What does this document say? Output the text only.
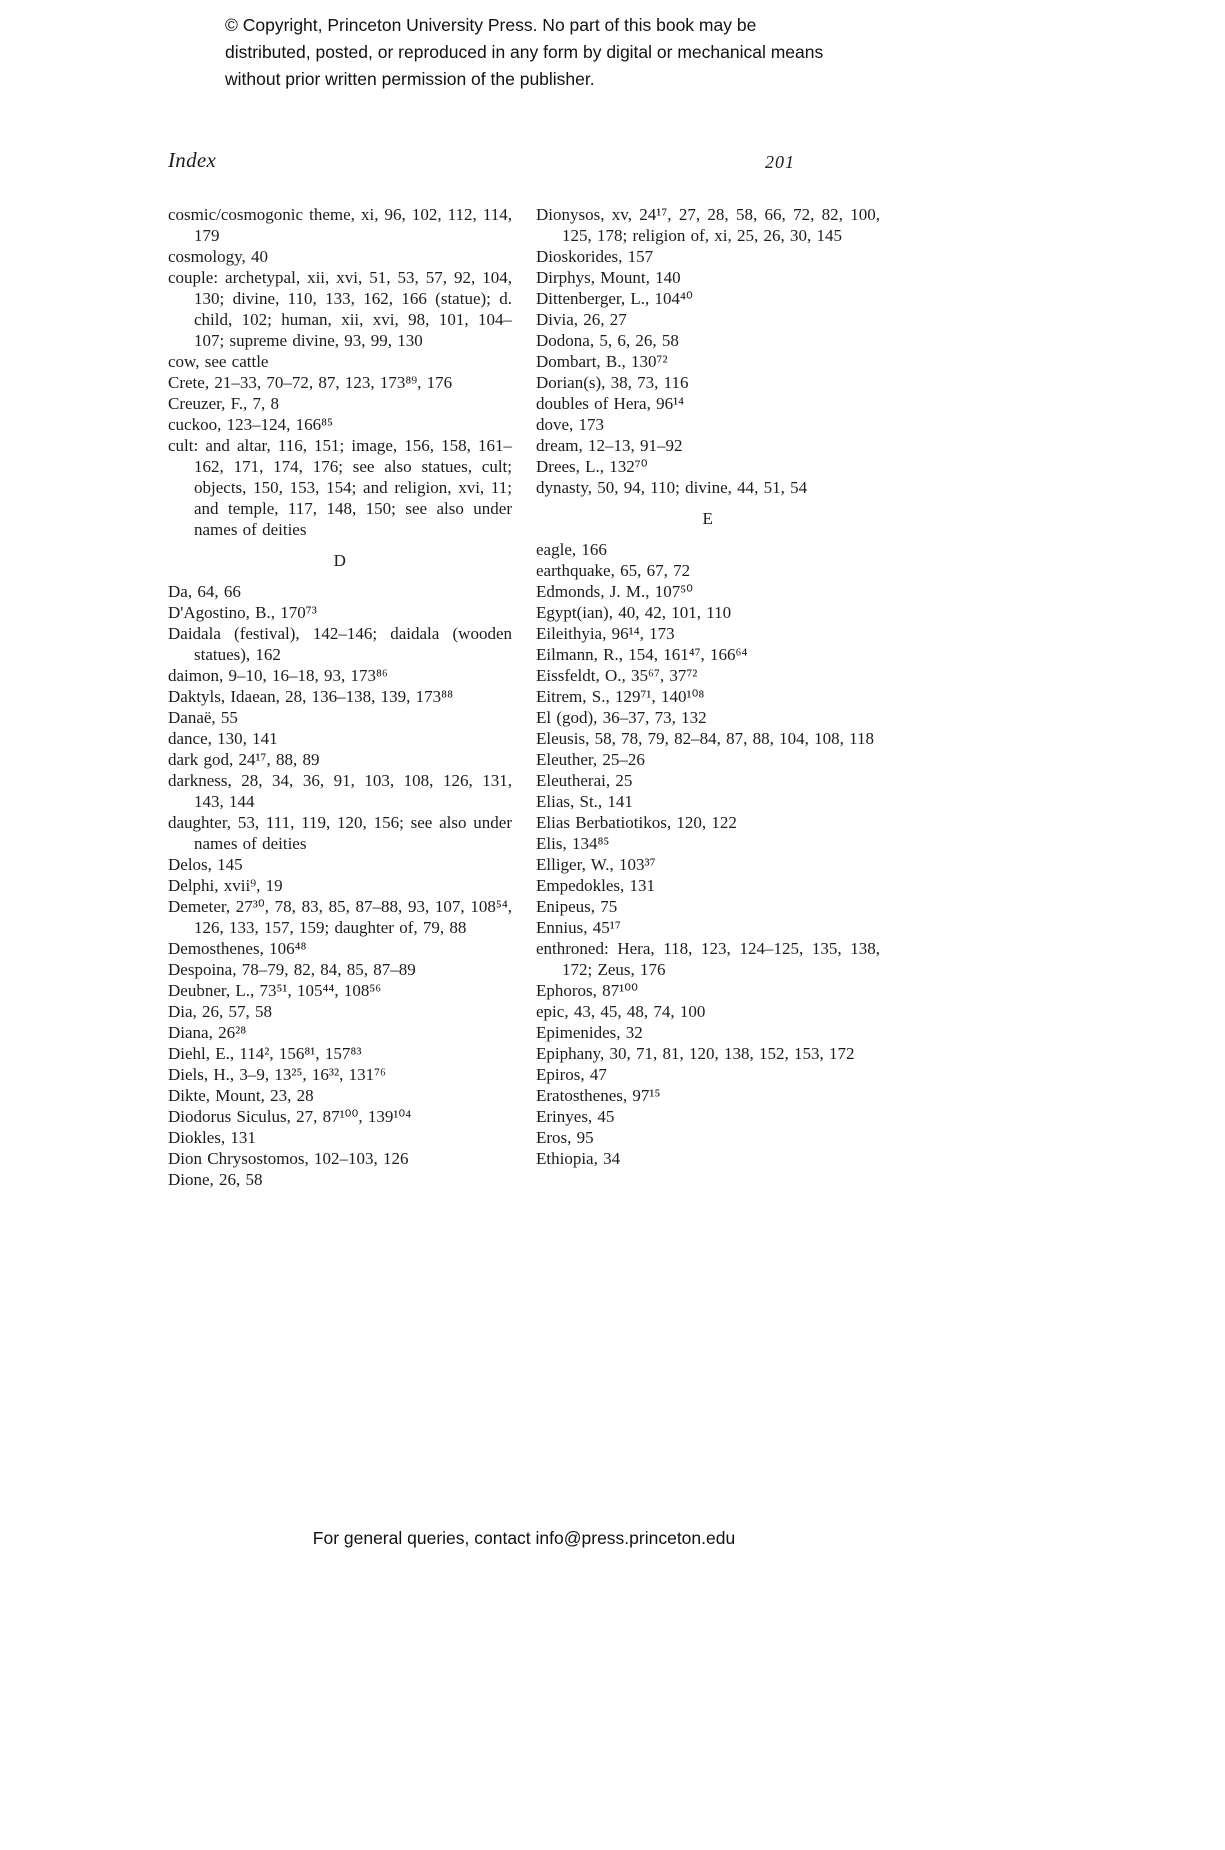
© Copyright, Princeton University Press. No part of this book may be distributed, posted, or reproduced in any form by digital or mechanical means without prior written permission of the publisher.
Index	201

cosmic/cosmogonic theme, xi, 96, 102, 112, 114, 179

cosmology, 40

couple: archetypal, xii, xvi, 51, 53, 57, 92, 104, 130; divine, 110, 133, 162, 166 (statue); d. child, 102; human, xii, xvi, 98, 101, 104–107; supreme divine, 93, 99, 130

cow, see cattle

Crete, 21–33, 70–72, 87, 123, 173⁸⁹, 176

Creuzer, F., 7, 8

cuckoo, 123–124, 166⁸⁵

cult: and altar, 116, 151; image, 156, 158, 161–162, 171, 174, 176; see also statues, cult; objects, 150, 153, 154; and religion, xvi, 11; and temple, 117, 148, 150; see also under names of deities

D

Da, 64, 66

D'Agostino, B., 170⁷³

Daidala (festival), 142–146; daidala (wooden statues), 162

daimon, 9–10, 16–18, 93, 173⁸⁶

Daktyls, Idaean, 28, 136–138, 139, 173⁸⁸

Danaë, 55

dance, 130, 141

dark god, 24¹⁷, 88, 89

darkness, 28, 34, 36, 91, 103, 108, 126, 131, 143, 144

daughter, 53, 111, 119, 120, 156; see also under names of deities

Delos, 145

Delphi, xvii⁹, 19

Demeter, 27³⁰, 78, 83, 85, 87–88, 93, 107, 108⁵⁴, 126, 133, 157, 159; daughter of, 79, 88

Demosthenes, 106⁴⁸

Despoina, 78–79, 82, 84, 85, 87–89

Deubner, L., 73⁵¹, 105⁴⁴, 108⁵⁶

Dia, 26, 57, 58

Diana, 26²⁸

Diehl, E., 114², 156⁸¹, 157⁸³

Diels, H., 3–9, 13²⁵, 16³², 131⁷⁶

Dikte, Mount, 23, 28

Diodorus Siculus, 27, 87¹⁰⁰, 139¹⁰⁴

Diokles, 131

Dion Chrysostomos, 102–103, 126

Dione, 26, 58

Dionysos, xv, 24¹⁷, 27, 28, 58, 66, 72, 82, 100, 125, 178; religion of, xi, 25, 26, 30, 145

Dioskorides, 157

Dirphys, Mount, 140

Dittenberger, L., 104⁴⁰

Divia, 26, 27

Dodona, 5, 6, 26, 58

Dombart, B., 130⁷²

Dorian(s), 38, 73, 116

doubles of Hera, 96¹⁴

dove, 173

dream, 12–13, 91–92

Drees, L., 132⁷⁰

dynasty, 50, 94, 110; divine, 44, 51, 54

E

eagle, 166

earthquake, 65, 67, 72

Edmonds, J. M., 107⁵⁰

Egypt(ian), 40, 42, 101, 110

Eileithyia, 96¹⁴, 173

Eilmann, R., 154, 161⁴⁷, 166⁶⁴

Eissfeldt, O., 35⁶⁷, 37⁷²

Eitrem, S., 129⁷¹, 140¹⁰⁸

El (god), 36–37, 73, 132

Eleusis, 58, 78, 79, 82–84, 87, 88, 104, 108, 118

Eleuther, 25–26

Eleutherai, 25

Elias, St., 141

Elias Berbatiotikos, 120, 122

Elis, 134⁸⁵

Elliger, W., 103³⁷

Empedokles, 131

Enipeus, 75

Ennius, 45¹⁷

enthroned: Hera, 118, 123, 124–125, 135, 138, 172; Zeus, 176

Ephoros, 87¹⁰⁰

epic, 43, 45, 48, 74, 100

Epimenides, 32

Epiphany, 30, 71, 81, 120, 138, 152, 153, 172

Epiros, 47

Eratosthenes, 97¹⁵

Erinyes, 45

Eros, 95

Ethiopia, 34

For general queries, contact info@press.princeton.edu
